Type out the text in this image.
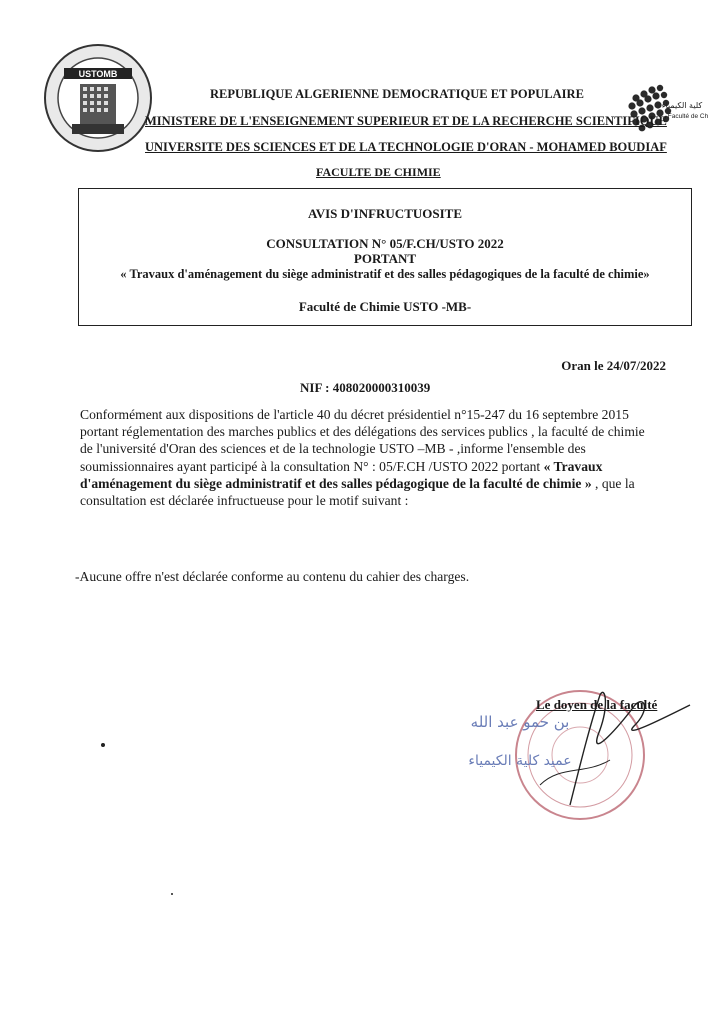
USTOMB
كلية الكيمياء
Faculté de Ch
REPUBLIQUE ALGERIENNE DEMOCRATIQUE ET POPULAIRE
MINISTERE DE L'ENSEIGNEMENT SUPERIEUR ET DE LA RECHERCHE SCIENTIFIQUE
UNIVERSITE DES SCIENCES ET DE LA TECHNOLOGIE D'ORAN - MOHAMED BOUDIAF
FACULTE DE CHIMIE
AVIS D'INFRUCTUOSITE
CONSULTATION N° 05/F.CH/USTO 2022
PORTANT
« Travaux d'aménagement du siège administratif et des salles pédagogiques de la faculté de chimie»
Faculté de Chimie USTO -MB-
Oran le 24/07/2022
NIF : 408020000310039
Conformément aux dispositions de l'article 40 du décret présidentiel n°15-247 du 16 septembre 2015 portant réglementation des marches publics et des délégations des services publics , la faculté de chimie de l'université d'Oran des sciences et de la technologie USTO –MB - ,informe l'ensemble des soumissionnaires ayant participé à la consultation N° : 05/F.CH /USTO 2022 portant « Travaux d'aménagement du siège administratif et des salles pédagogique de la faculté de chimie » , que la consultation est déclarée infructueuse pour le motif suivant :
-Aucune offre n'est déclarée conforme au contenu du cahier des charges.
بن حمو عبد الله
عميد كلية الكيمياء
Le doyen de la faculté
